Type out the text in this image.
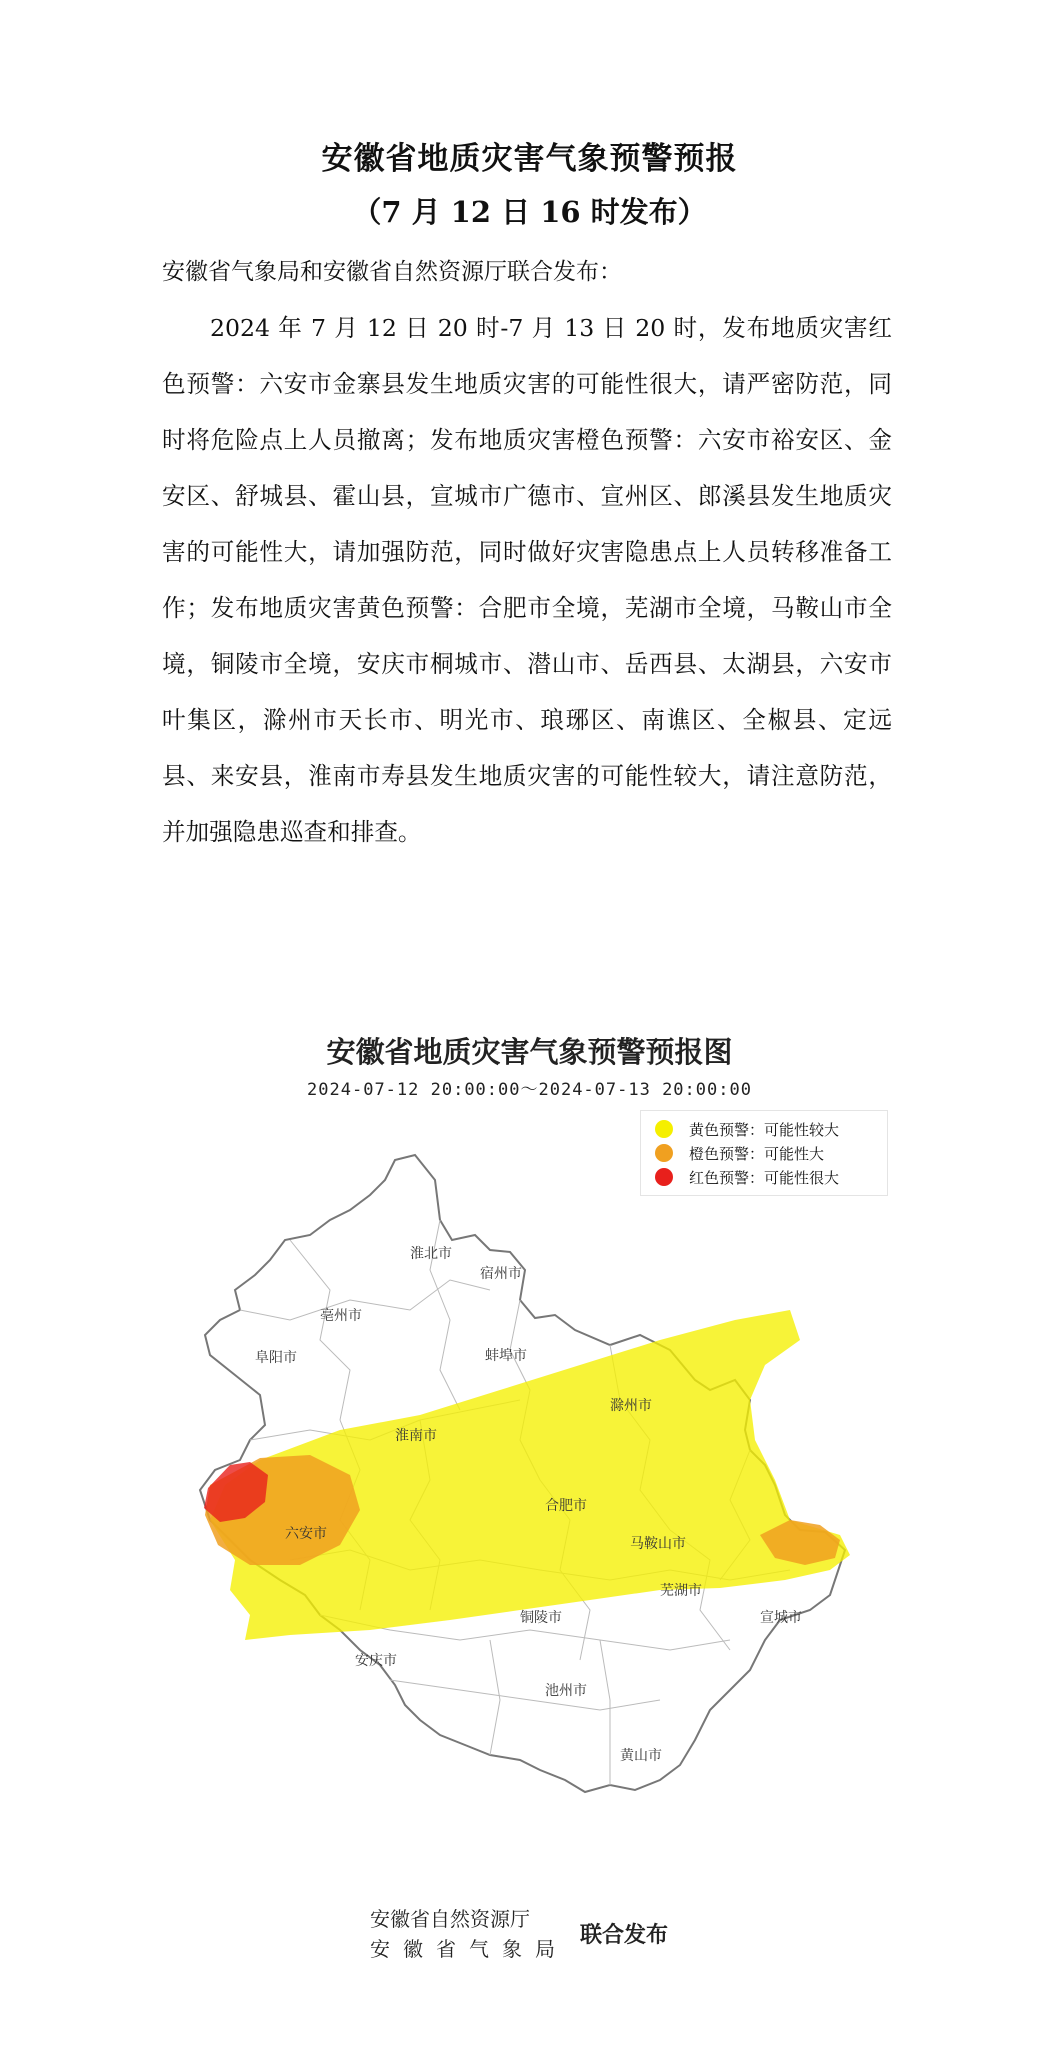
安徽省地质灾害气象预警预报
（7 月 12 日 16 时发布）
安徽省气象局和安徽省自然资源厅联合发布：
2024 年 7 月 12 日 20 时-7 月 13 日 20 时，发布地质灾害红色预警：六安市金寨县发生地质灾害的可能性很大，请严密防范，同时将危险点上人员撤离；发布地质灾害橙色预警：六安市裕安区、金安区、舒城县、霍山县，宣城市广德市、宣州区、郎溪县发生地质灾害的可能性大，请加强防范，同时做好灾害隐患点上人员转移准备工作；发布地质灾害黄色预警：合肥市全境，芜湖市全境，马鞍山市全境，铜陵市全境，安庆市桐城市、潜山市、岳西县、太湖县，六安市叶集区，滁州市天长市、明光市、琅琊区、南谯区、全椒县、定远县、来安县，淮南市寿县发生地质灾害的可能性较大，请注意防范，并加强隐患巡查和排查。
安徽省地质灾害气象预警预报图
2024-07-12 20:00:00～2024-07-13 20:00:00
黄色预警：可能性较大
橙色预警：可能性大
红色预警：可能性很大
宿州市
淮北市
亳州市
蚌埠市
阜阳市
淮南市
滁州市
合肥市
六安市
马鞍山市
芜湖市
铜陵市	宣城市
安庆市
池州市
黄山市
安徽省自然资源厅
安徽省气象局
联合发布
